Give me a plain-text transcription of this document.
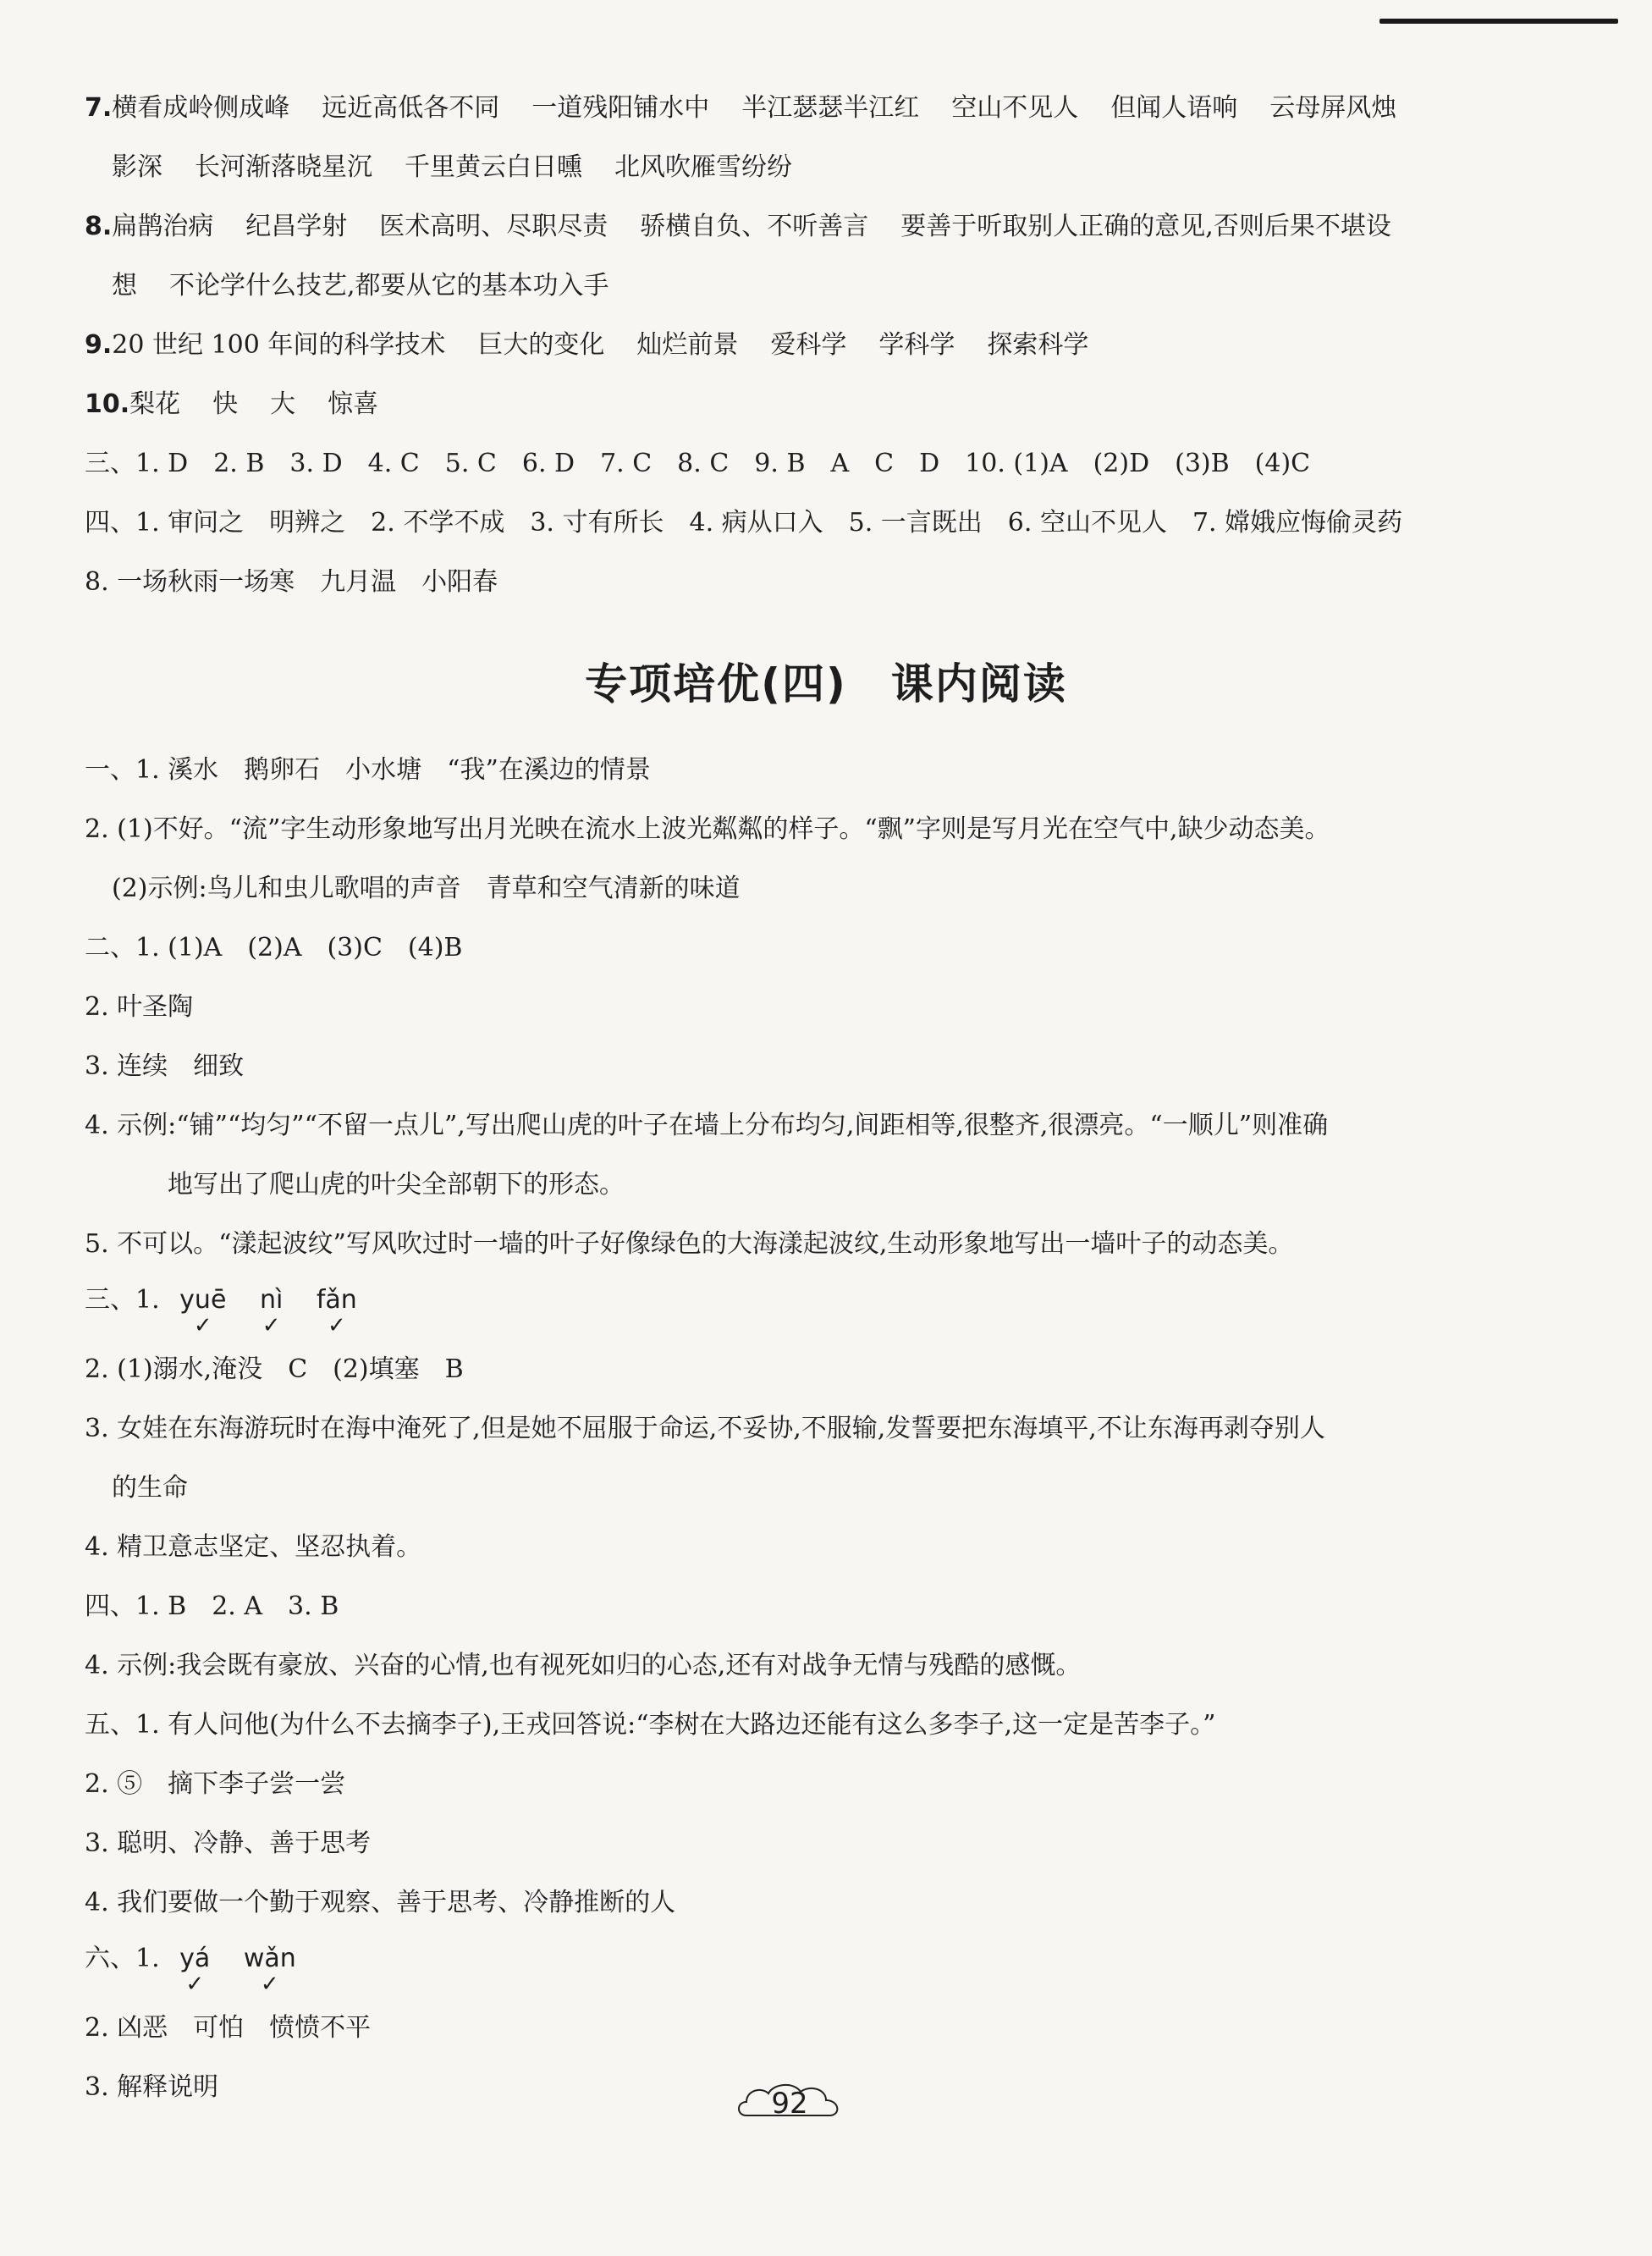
7.横看成岭侧成峰 远近高低各不同 一道残阳铺水中 半江瑟瑟半江红 空山不见人 但闻人语响 云母屏风烛
影深 长河渐落晓星沉 千里黄云白日曛 北风吹雁雪纷纷
8.扁鹊治病 纪昌学射 医术高明、尽职尽责 骄横自负、不听善言 要善于听取别人正确的意见,否则后果不堪设
想 不论学什么技艺,都要从它的基本功入手
9.20 世纪 100 年间的科学技术 巨大的变化 灿烂前景 爱科学 学科学 探索科学
10.梨花 快 大 惊喜
三、1. D　2. B　3. D　4. C　5. C　6. D　7. C　8. C　9. B　A　C　D　10. (1)A　(2)D　(3)B　(4)C
四、1. 审问之　明辨之　2. 不学不成　3. 寸有所长　4. 病从口入　5. 一言既出　6. 空山不见人　7. 嫦娥应悔偷灵药
8. 一场秋雨一场寒　九月温　小阳春
专项培优(四)　课内阅读
一、1. 溪水　鹅卵石　小水塘　“我”在溪边的情景
2. (1)不好。“流”字生动形象地写出月光映在流水上波光粼粼的样子。“飘”字则是写月光在空气中,缺少动态美。
(2)示例:鸟儿和虫儿歌唱的声音　青草和空气清新的味道
二、1. (1)A　(2)A　(3)C　(4)B
2. 叶圣陶
3. 连续　细致
4. 示例:“铺”“均匀”“不留一点儿”,写出爬山虎的叶子在墙上分布均匀,间距相等,很整齐,很漂亮。“一顺儿”则准确
地写出了爬山虎的叶尖全部朝下的形态。
5. 不可以。“漾起波纹”写风吹过时一墙的叶子好像绿色的大海漾起波纹,生动形象地写出一墙叶子的动态美。
三、1. yuē
✓
nì
✓
fǎn
✓
2. (1)溺水,淹没　C　(2)填塞　B
3. 女娃在东海游玩时在海中淹死了,但是她不屈服于命运,不妥协,不服输,发誓要把东海填平,不让东海再剥夺别人
的生命
4. 精卫意志坚定、坚忍执着。
四、1. B　2. A　3. B
4. 示例:我会既有豪放、兴奋的心情,也有视死如归的心态,还有对战争无情与残酷的感慨。
五、1. 有人问他(为什么不去摘李子),王戎回答说:“李树在大路边还能有这么多李子,这一定是苦李子。”
2. ⑤　摘下李子尝一尝
3. 聪明、冷静、善于思考
4. 我们要做一个勤于观察、善于思考、冷静推断的人
六、1. yá
✓
wǎn
✓
2. 凶恶　可怕　愤愤不平
3. 解释说明	92
